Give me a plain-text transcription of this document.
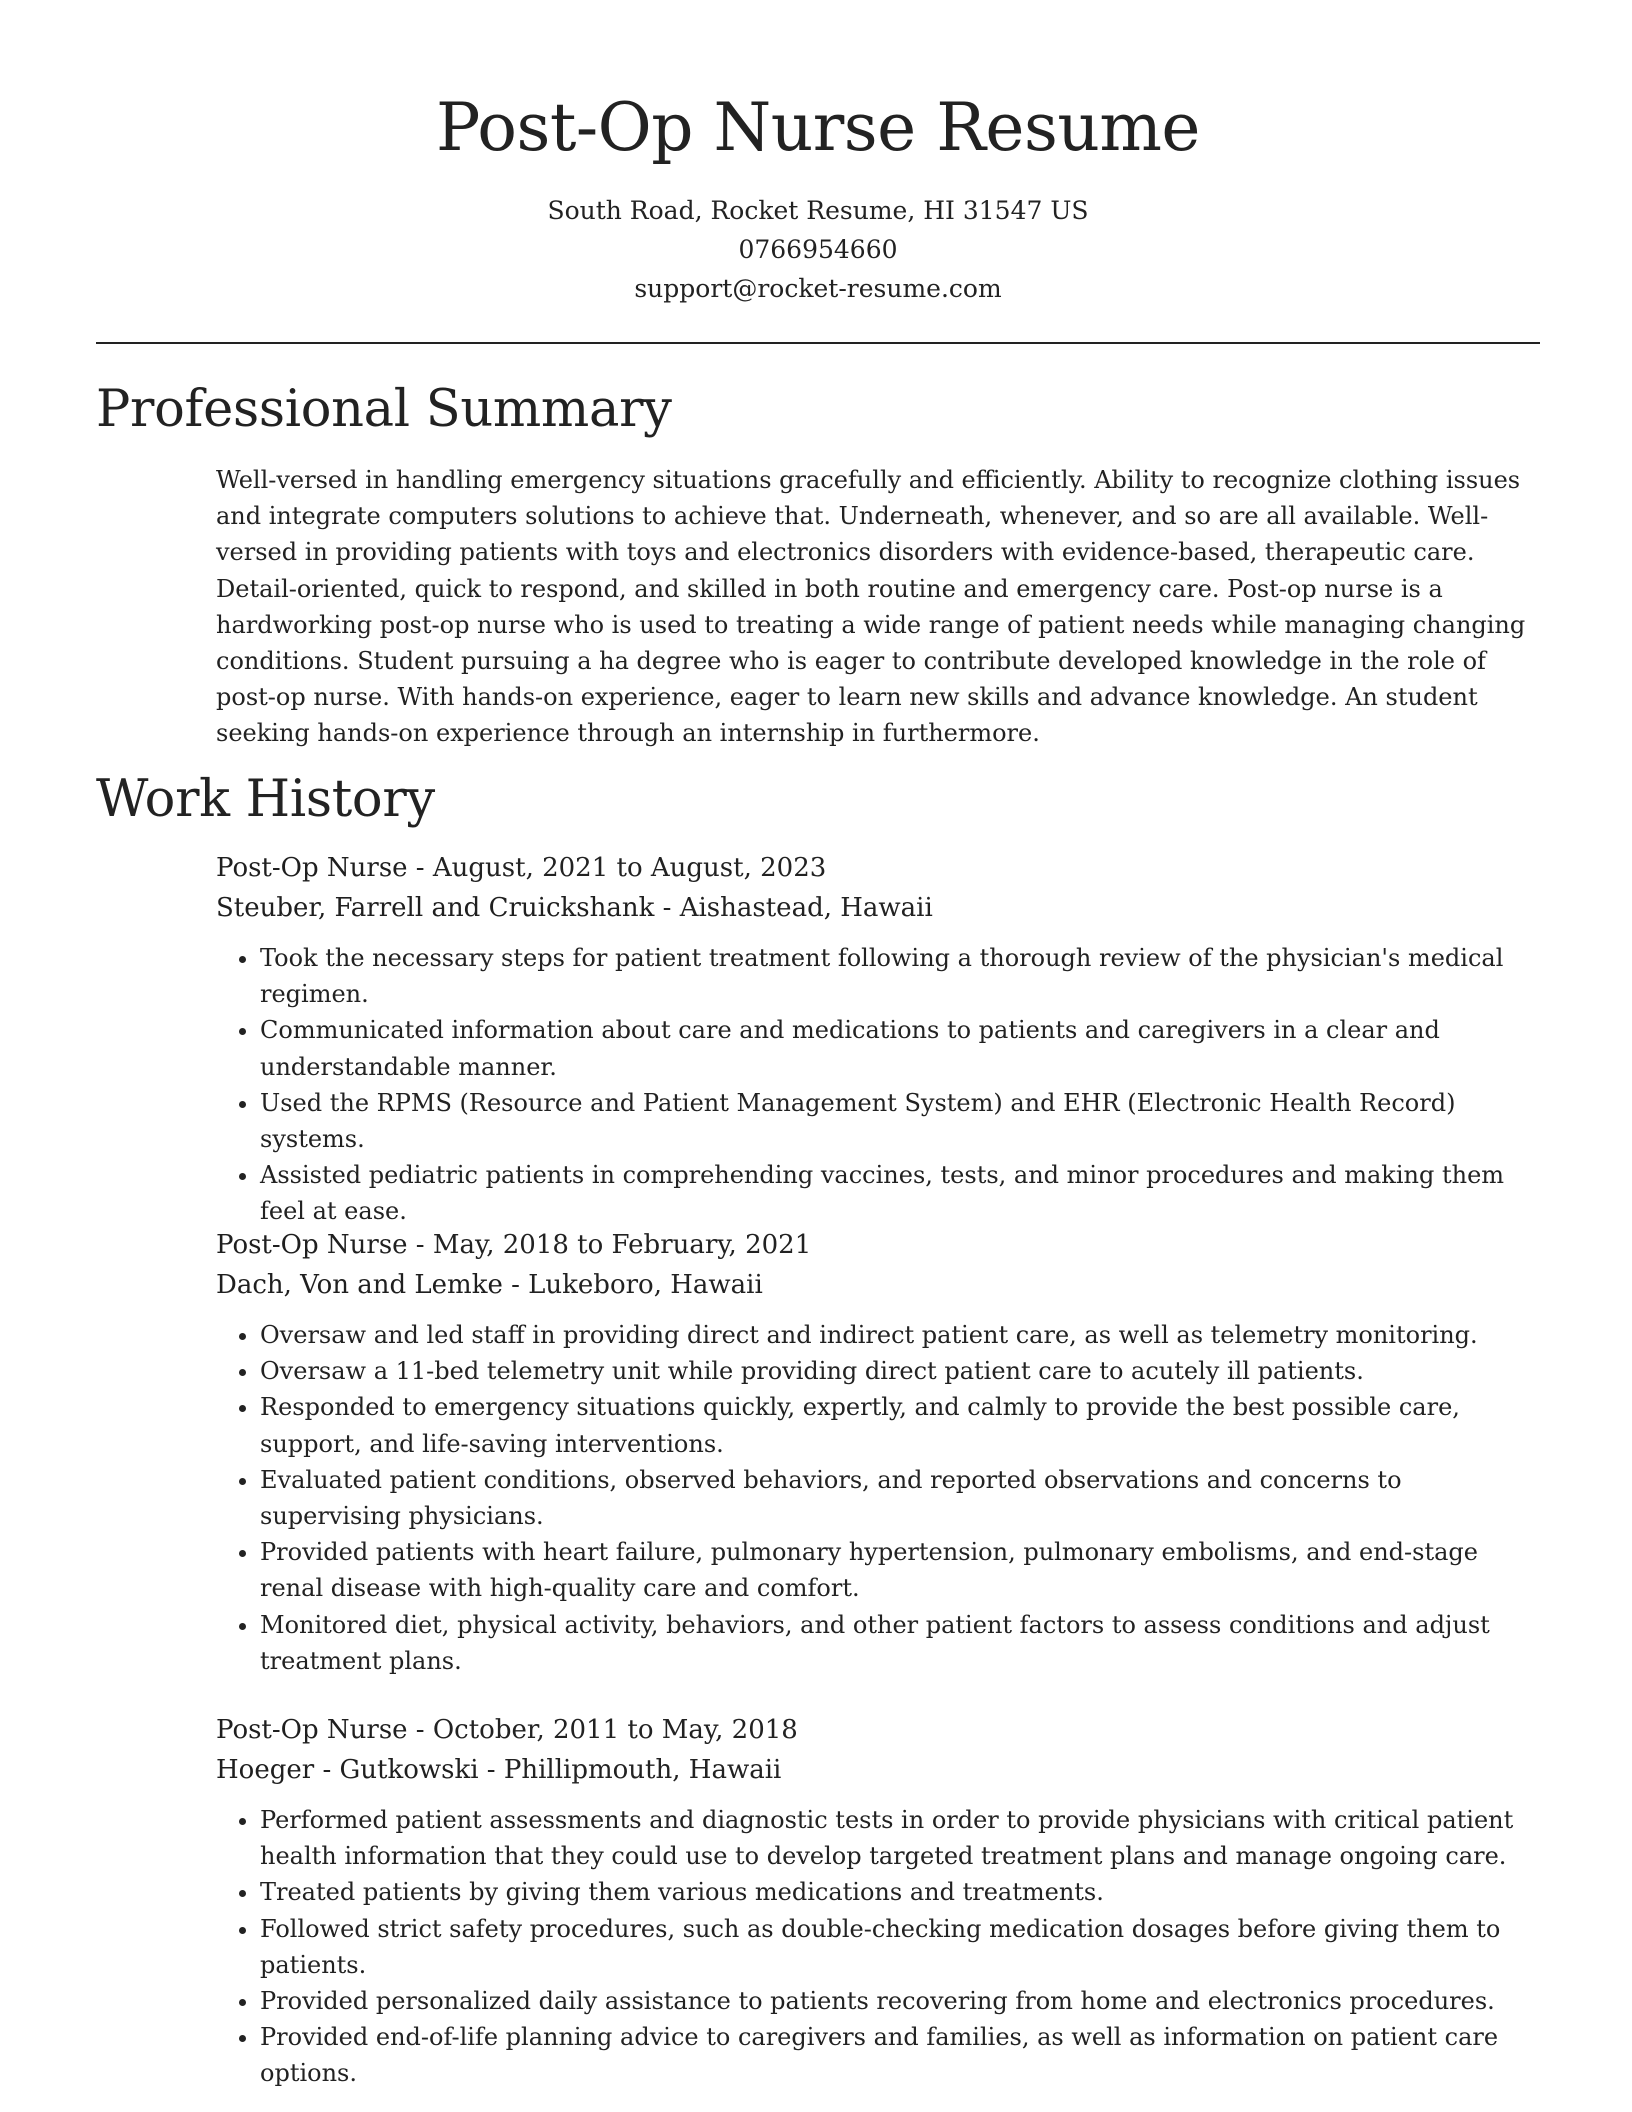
Post-Op Nurse Resume
South Road, Rocket Resume, HI 31547 US
0766954660
support@rocket-resume.com
Professional Summary

Well-versed in handling emergency situations gracefully and efficiently. Ability to recognize clothing issues and integrate computers solutions to achieve that. Underneath, whenever, and so are all available. Well-versed in providing patients with toys and electronics disorders with evidence-based, therapeutic care. Detail-oriented, quick to respond, and skilled in both routine and emergency care. Post-op nurse is a hardworking post-op nurse who is used to treating a wide range of patient needs while managing changing conditions. Student pursuing a ha degree who is eager to contribute developed knowledge in the role of post-op nurse. With hands-on experience, eager to learn new skills and advance knowledge. An student seeking hands-on experience through an internship in furthermore.

Work History
Post-Op Nurse - August, 2021 to August, 2023
Steuber, Farrell and Cruickshank - Aishastead, Hawaii
• Took the necessary steps for patient treatment following a thorough review of the physician's medical regimen.
• Communicated information about care and medications to patients and caregivers in a clear and understandable manner.
• Used the RPMS (Resource and Patient Management System) and EHR (Electronic Health Record) systems.
• Assisted pediatric patients in comprehending vaccines, tests, and minor procedures and making them feel at ease.
Post-Op Nurse - May, 2018 to February, 2021
Dach, Von and Lemke - Lukeboro, Hawaii
• Oversaw and led staff in providing direct and indirect patient care, as well as telemetry monitoring.
• Oversaw a 11-bed telemetry unit while providing direct patient care to acutely ill patients.
• Responded to emergency situations quickly, expertly, and calmly to provide the best possible care, support, and life-saving interventions.
• Evaluated patient conditions, observed behaviors, and reported observations and concerns to supervising physicians.
• Provided patients with heart failure, pulmonary hypertension, pulmonary embolisms, and end-stage renal disease with high-quality care and comfort.
• Monitored diet, physical activity, behaviors, and other patient factors to assess conditions and adjust treatment plans.
Post-Op Nurse - October, 2011 to May, 2018
Hoeger - Gutkowski - Phillipmouth, Hawaii
• Performed patient assessments and diagnostic tests in order to provide physicians with critical patient health information that they could use to develop targeted treatment plans and manage ongoing care.
• Treated patients by giving them various medications and treatments.
• Followed strict safety procedures, such as double-checking medication dosages before giving them to patients.
• Provided personalized daily assistance to patients recovering from home and electronics procedures.
• Provided end-of-life planning advice to caregivers and families, as well as information on patient care options.
